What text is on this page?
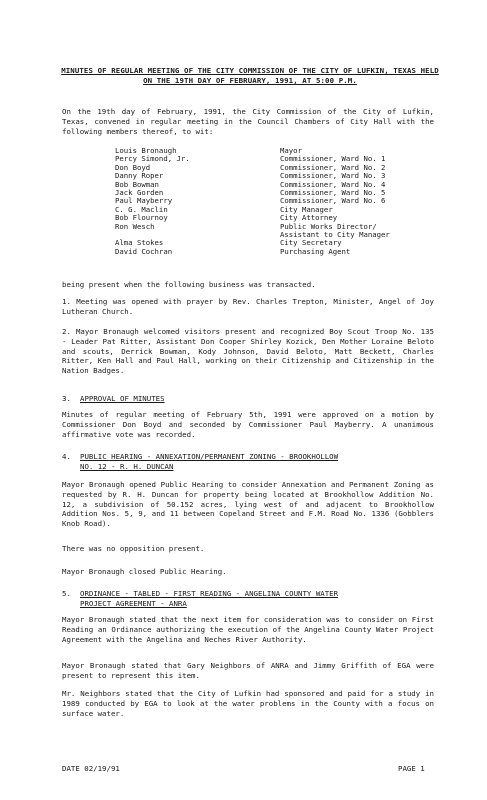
MINUTES OF REGULAR MEETING OF THE CITY COMMISSION OF THE CITY OF LUFKIN, TEXAS HELD ON THE 19TH DAY OF FEBRUARY, 1991, AT 5:00 P.M.
On the 19th day of February, 1991, the City Commission of the City of Lufkin, Texas, convened in regular meeting in the Council Chambers of City Hall with the following members thereof, to wit:
Louis Bronaugh	Mayor
Percy Simond, Jr.	Commissioner, Ward No. 1
Don Boyd	Commissioner, Ward No. 2
Danny Roper	Commissioner, Ward No. 3
Bob Bowman	Commissioner, Ward No. 4
Jack Gorden	Commissioner, Ward No. 5
Paul Mayberry	Commissioner, Ward No. 6
C. G. Maclin	City Manager
Bob Flournoy	City Attorney
Ron Wesch	Public Works Director/
Assistant to City Manager
Alma Stokes	City Secretary
David Cochran	Purchasing Agent
being present when the following business was transacted.
1. Meeting was opened with prayer by Rev. Charles Trepton, Minister, Angel of Joy Lutheran Church.
2. Mayor Bronaugh welcomed visitors present and recognized Boy Scout Troop No. 135 - Leader Pat Ritter, Assistant Don Cooper Shirley Kozick, Den Mother Loraine Beloto and scouts, Derrick Bowman, Kody Johnson, David Beloto, Matt Beckett, Charles Ritter, Ken Hall and Paul Hall, working on their Citizenship and Citizenship in the Nation Badges.
3. APPROVAL OF MINUTES
Minutes of regular meeting of February 5th, 1991 were approved on a motion by Commissioner Don Boyd and seconded by Commissioner Paul Mayberry. A unanimous affirmative vote was recorded.
4. PUBLIC HEARING - ANNEXATION/PERMANENT ZONING - BROOKHOLLOW
NO. 12 - R. H. DUNCAN
Mayor Bronaugh opened Public Hearing to consider Annexation and Permanent Zoning as requested by R. H. Duncan for property being located at Brookhollow Addition No. 12, a subdivision of 50.152 acres, lying west of and adjacent to Brookhollow Addition Nos. 5, 9, and 11 between Copeland Street and F.M. Road No. 1336 (Gobblers Knob Road).
There was no opposition present.
Mayor Bronaugh closed Public Hearing.
5. ORDINANCE - TABLED - FIRST READING - ANGELINA COUNTY WATER
PROJECT AGREEMENT - ANRA
Mayor Bronaugh stated that the next item for consideration was to consider on First Reading an Ordinance authorizing the execution of the Angelina County Water Project Agreement with the Angelina and Neches River Authority.
Mayor Bronaugh stated that Gary Neighbors of ANRA and Jimmy Griffith of EGA were present to represent this item.
Mr. Neighbors stated that the City of Lufkin had sponsored and paid for a study in 1989 conducted by EGA to look at the water problems in the County with a focus on surface water.
DATE 02/19/91	PAGE 1
